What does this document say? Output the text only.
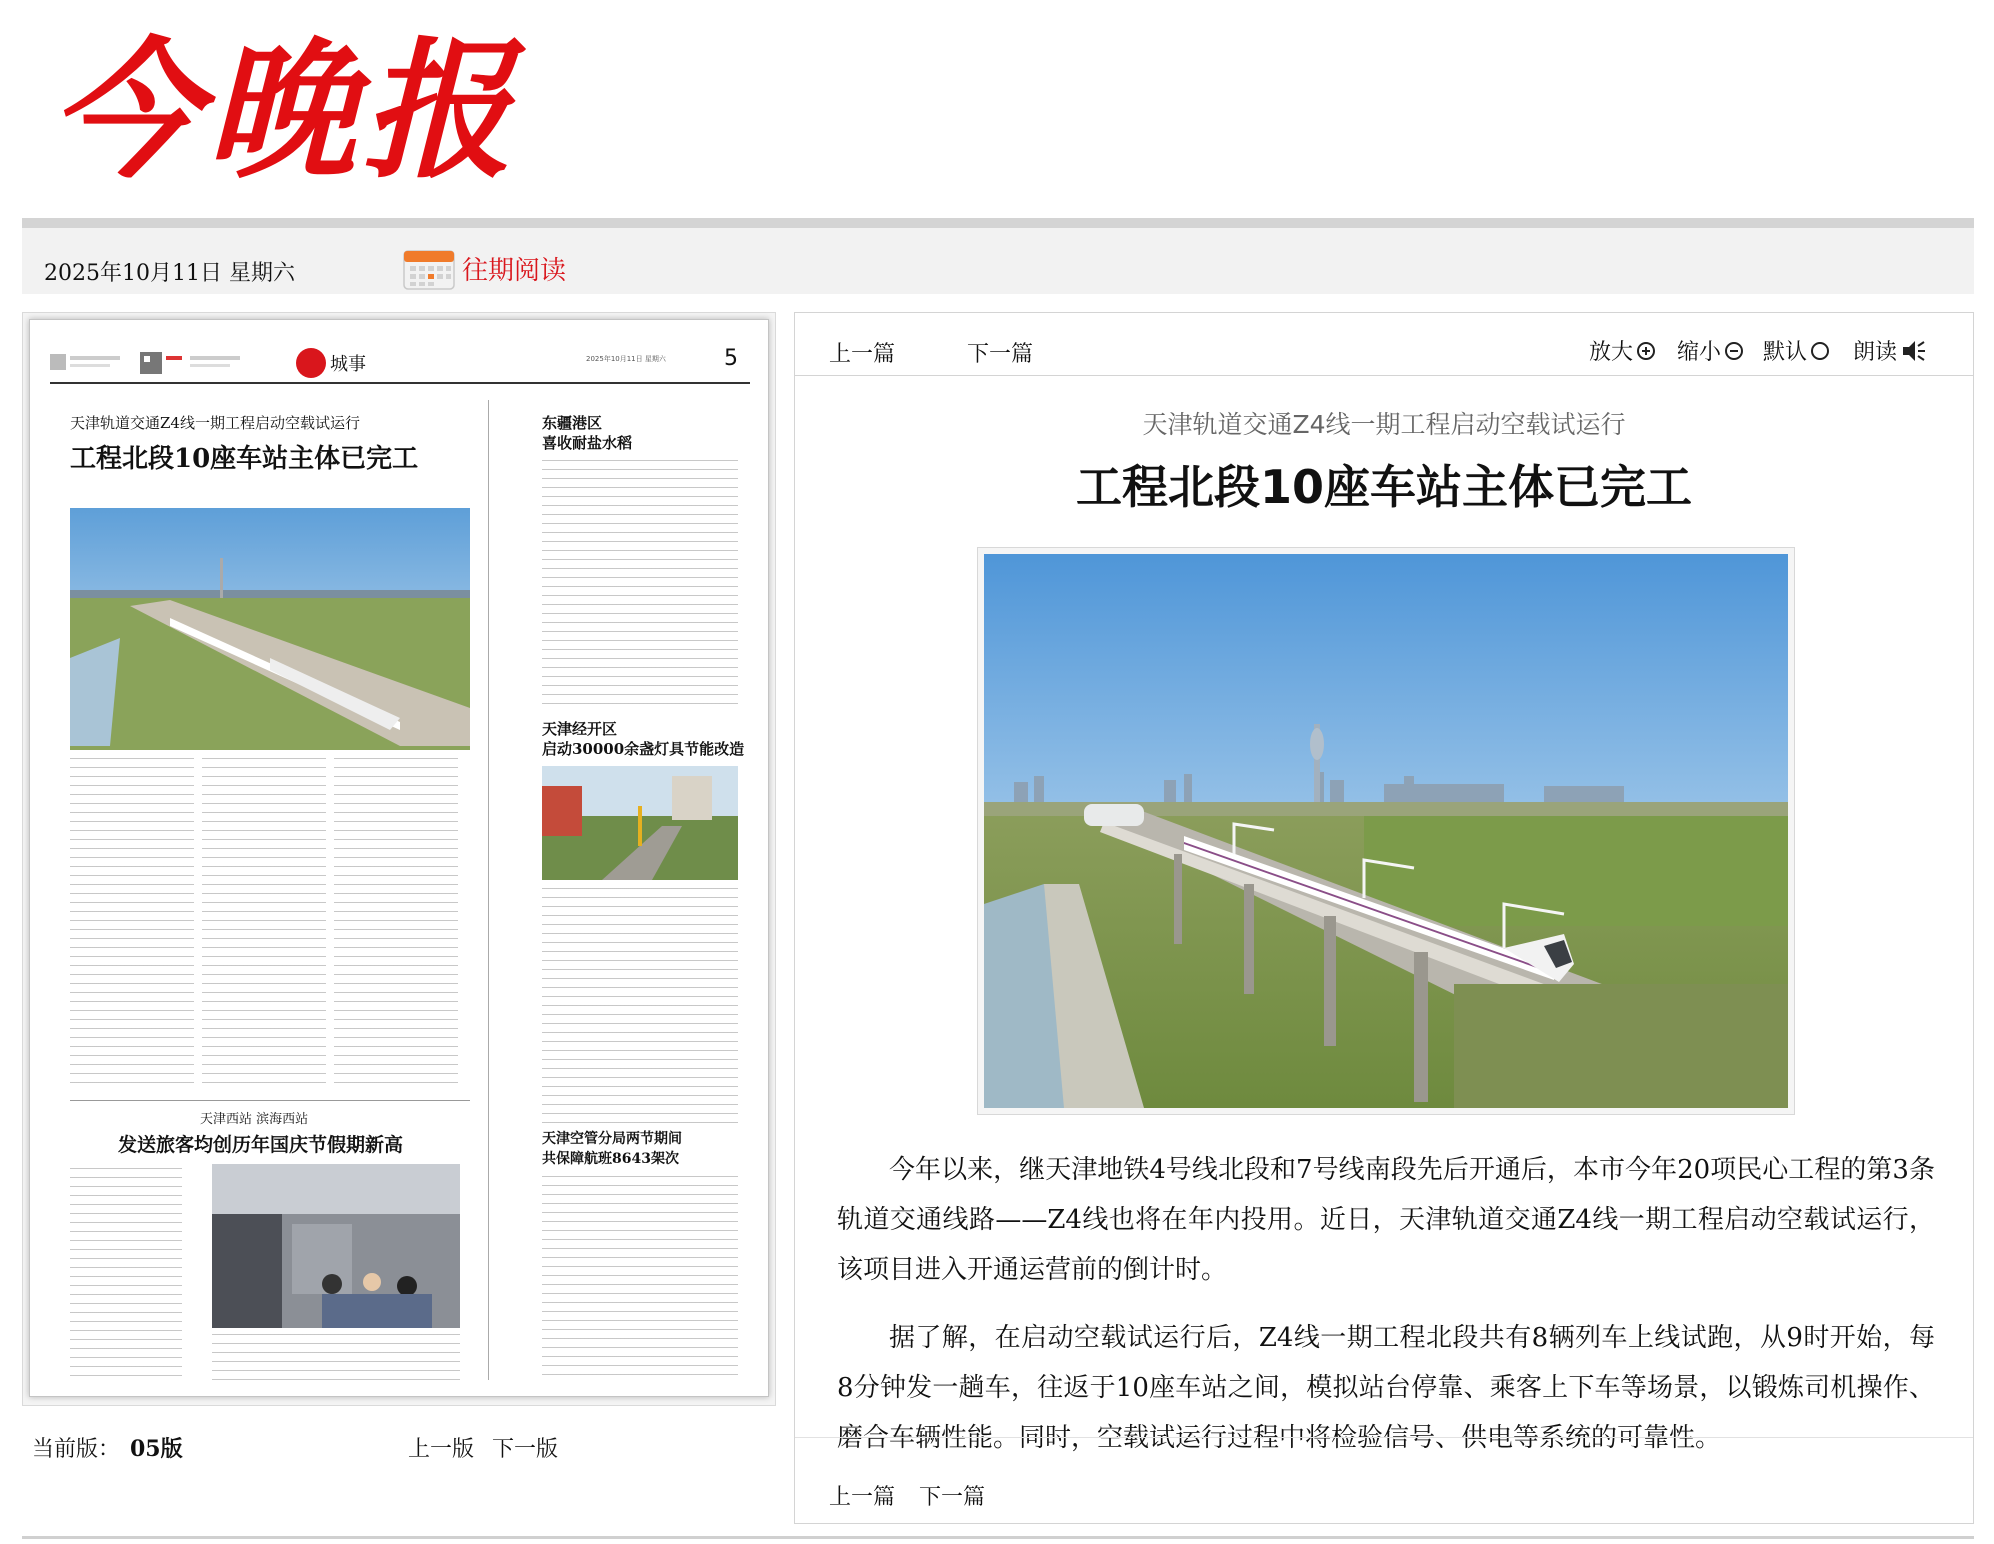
今晚报
2025年10月11日 星期六	往期阅读
城事	2025年10月11日 星期六	5
天津轨道交通Z4线一期工程启动空载试运行
工程北段10座车站主体已完工
天津西站 滨海西站
发送旅客均创历年国庆节假期新高
东疆港区
喜收耐盐水稻
天津经开区
启动30000余盏灯具节能改造
天津空管分局两节期间
共保障航班8643架次
当前版： 05版	上一版 下一版
上一篇	下一篇	放大 缩小 默认 朗读
天津轨道交通Z4线一期工程启动空载试运行
工程北段10座车站主体已完工

今年以来，继天津地铁4号线北段和7号线南段先后开通后，本市今年20项民心工程的第3条轨道交通线路——Z4线也将在年内投用。近日，天津轨道交通Z4线一期工程启动空载试运行，该项目进入开通运营前的倒计时。

据了解，在启动空载试运行后，Z4线一期工程北段共有8辆列车上线试跑，从9时开始，每8分钟发一趟车，往返于10座车站之间，模拟站台停靠、乘客上下车等场景，以锻炼司机操作、磨合车辆性能。同时，空载试运行过程中将检验信号、供电等系统的可靠性。

上一篇 下一篇
